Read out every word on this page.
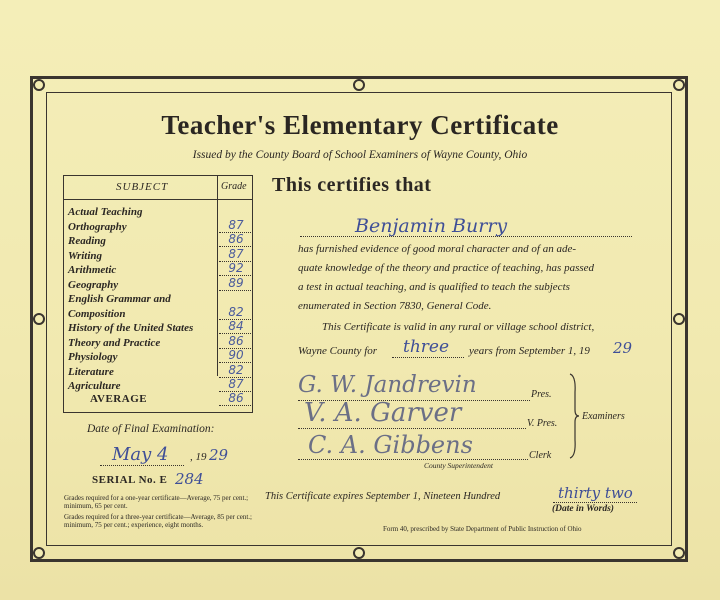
Teacher's Elementary Certificate
Issued by the County Board of School Examiners of Wayne County, Ohio
SUBJECT	Grade
Actual Teaching
Orthography	87
Reading	86
Writing	87
Arithmetic	92
Geography	89
English Grammar and
Composition	82
History of the United States	84
Theory and Practice	86
Physiology	90
Literature	82
Agriculture	87
AVERAGE	86
Date of Final Examination:
May 4 , 19 29
SERIAL No. E 284
Grades required for a one-year certificate—Average, 75 per cent.; minimum, 65 per cent.
Grades required for a three-year certificate—Average, 85 per cent.; minimum, 75 per cent.; experience, eight months.
This certifies that
Benjamin Burry
has furnished evidence of good moral character and of an ade-
quate knowledge of the theory and practice of teaching, has passed
a test in actual teaching, and is qualified to teach the subjects
enumerated in Section 7830, General Code.
This Certificate is valid in any rural or village school district,
Wayne County for three years from September 1, 19 29
G. W. Jandrevin	Pres.
V. A. Garver	V. Pres.
C. A. Gibbens	Clerk
County Superintendent
Examiners
This Certificate expires September 1, Nineteen Hundred	thirty two
(Date in Words)
Form 40, prescribed by State Department of Public Instruction of Ohio
